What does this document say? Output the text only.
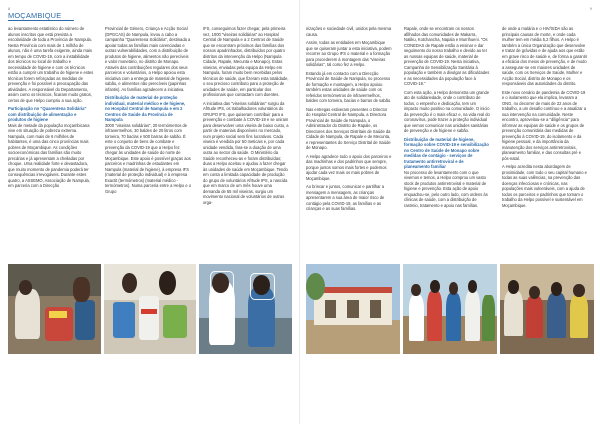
8
MOÇAMBIQUE

ao levantamento estatístico do número de alunos inscritos que está prevista a escolaridade de toda a Província de Nampula. Nesta Província com mais de 1 milhão de alunos, não é uma tarefa exigente, ainda mais em tempo de COVID-19, com a instabilidade dos técnicos no local de trabalho e necessidade de higiene e com os técnicos estão a cumprir um trabalho de higiene e estes técnicos forem reforçadas as medidas de prevenção e foi possível a preocupação das atividades. A responsável do Departamento, assim como os técnicos, ficaram muito gratos, certos de que Helpo cumpriu a sua ação.

Participação no "Quarentena Solidária" com distribuição de alimentação e produtos de higiene

Mais de metade da população moçambicana vive em situação de pobreza extrema. Nampula, com mais de 6 milhões de habitantes, é uma das cinco províncias mais pobres de Moçambique. As condições socioeconómicas das famílias são muito precárias e já apresentam a cheiladas por choque. Uma realidade forte e devastadora, que muito momento de pandemia poderá ter consequências irrevogáveis. Durante estes quatro, a ASSEMO, Associação de Nampula, em parceria com a Direcção

Provincial de Género, Criança e Acção Social (DPGCAS) de Nampula, levou a cabo a campanha "Quarentena Solidária", destinada a apoiar todas as famílias mais carenciadas e outras vulnerabilidades, com a distribuição de produtos de higiene, alimentos não perecíveis e valor monetário, no distrito de Monapo. Através das contribuições regulares dos seus parceiros e voluntários, a Helpo apoiou esta iniciativa com a entrega de material de higiene, sabão, e alimentos não perecíveis (papinhas infantis). As famílias agradecem a iniciativa.

Distribuição de material de proteção individual, material médico e de higiene, no Hospital Central de Nampula e em 2 Centros de Saúde da Província de Nampula

3000 "viseiras solidárias", 20 termómetros de infravermelhos, 30 baldes de 20 litros com torneira, 70 baclas e 500 barras de sabão. É este o conjunto de bens de combate e prevenção da COVID-19 que a Helpo fez chegar às unidades de saúde do norte de Moçambique. Este apoio é possível graças aos parceiros e madrinhas de estudantes em Nampula (material de higiene), à empresa IFS (material de proteção individual) e à empresa Exactit (termómetros) (material médico - termómetros). Numa parceria entre a Helpo e o Grupo

IFS, conseguimos fazer chegar, pela primeira vez, 1000 "viseiras solidárias" ao Hospital Central de Nampula e a 2 Centros de Saúde que se encontram próximos das famílias dos nossos apadrinhados, distribuídos por quatro distritos da intervenção da Helpo (Nampula Cidade, Rapale, Mecunta e Monapo). Estas viseiras, enviadas pela equipa da Helpo em Nampula, foram muito bem recebidas pelos técnicos de saúde, que fizeram esta totalidade, o seu precioso contributo para a proteção de unidades de saúde, em particular dos profissionais que contactam com doentes.

A iniciativa das "viseiras solidárias" surgiu da Afrtude IPS, os trabalhadores voluntários do GRUPO IFS, que quiseram contribuir para a prevenção e combate à COVID-19 e se uniram para desenvolver uma viseira de baixo custo, a partir de materiais disponíveis no mercado, num projeto social sem fins lucrativos. Cada viseira é vendida por 50 meticais e, por cada unidade vendida, fara-se a doação de uma outra ao sector da saúde. O Ministério da Saúde reconheceu-as e foram distribuídas; duas a Helpo aceitou e ajudou a fazer chegar às unidades de saúde em Moçambique. Tendo em conta a limitada capacidade de produção do grupo de voluntários Afrtude IPS, a nascida que em marco de um mês houve uma demanda de 55 mil viseiras, surgiu um movimento nacional de voluntários de outras orga-

9

nizações e sociedade civil, unidos pela mesma causa.

Assim, todas as entidades em Moçambique que se quiseram juntar a esta iniciativa, podem recorrer ao Grupo IFS o material e a formação para procederem à montagem das "viseiras solidárias", tal como fez a Helpo.

Estando já em contacto com a Direcção Provincial de Saúde de Nampula, no processo de formação e montagem, a Helpo apoiou também estas unidades de saúde com os referidos termómetros de infravermelhos, baldes com torneira, bacias e barras de sabão.

Nas entregas estiveram presentes o Director do Hospital Central de Nampula, a Directora Provincial de Saúde de Nampula, o Administrador do Distrito de Rapale, os Directores dos Serviços Distritais de Saúde da Cidade de Nampula, de Rapale e de Mecunta, e representantes do Serviço Distrital de Saúde de Monapo.

A Helpo agradece todo o apoio dos parceiros e das madrinhas e dos padrinhos que sempre, porque juntos somos mais fortes e podemos ajudar cada vez mais os mais pobres de Moçambique.

Ao brincar e juntos, comunicar e partilhar a mensagem a mensagem, as crianças apresentarem a sua área de maior risco de contágio pela COVID-19, as famílias e as crianças e as suas famílias.

Rapale, onde se encontram os nossos afilhados das comunidades de Makarra, Natiku, Kotchancha, Napala e Murrihueni. "Os CONEDAS de Rapale estão a ensinar e dar seguimento do nosso trabalho e devido ao ter as nossas equipas de saúde, material de prevenção de COVID-19. Nesta iniciativa, Campanha de Sensibilização Sanitária à população e também a divulgar as dificuldades e as necessidades da população face à COVID-19."

Com esta ação, a Helpo demonstra um grande ato de solidariedade, onde o contributo de todos, o empenho e dedicação, tem um impacto muito positivo na comunidade. O inicio da prevenção é o mais eficaz e, na vida real do coronavírus, pode trazer a proteção individual que vemos comunicar nas unidades sanitárias de prevenção e de higiene e sabão.

Distribuição de material de higiene, formação sobre COVID-19 e sensibilização no Centro de Saúde de Monapo sobre medidas de contágio - serviços de tratamento antirretroviral e de planeamento familiar

No processo de levantamento com o que vivemos e temos, a Helpo comprou um vasto stock de produtos antirretroviral e material de higiene e prevenção. Esta ação de apoio enquadrou-se, pelo outro lado, com ordens às clínicas de saúde, com a distribuição de rastreio, tratamento e apoio nas famílias.

de onde a malária e o HIV/SIDA são as principais causas de morte, e onde cada mulher tem em média 5,2 filhos. A Helpo é também a única Organização que desenvolve e tratar de grávidas e de ajuda aos que estão em grave risco de saúde e, de forma a garantir a eficácia dos meios de prevenção, e de modo a assegurar-se em maiores unidades de saúde, com os Serviços de Saúde, Mulher e Acção Social, distrito de Monapo e os responsáveis das autoridades do distrito.

Este novo cenário de pandemia de COVID-19 e o isolamento que ela implica, levaram a ONG, no decorrer de mais de 22 anos de trabalho, a um desafio contínuo e a atualizar a sua intervenção na comunidade. Neste encontro, aproveitou-se a "diligência" para informar as equipas de saúde e os grupos de prevenção comunitária das medidas de prevenção à COVID-19, do isolamento e da higiene pessoal, e da importância da manutenção dos serviços antirretrovirais, planeamento familiar, e das consultas pré e pós-natal.

A Helpo acredita nesta abordagem de proximidade, com todo o seu capital humano e todas as suas valências, na prevenção das doenças infecciosas e crónicas, nas populações mais vulneráveis, com a ajuda de todos os parceiros e padrinhos que tornam o trabalho da Helpo possível e sustentável em Moçambique.
